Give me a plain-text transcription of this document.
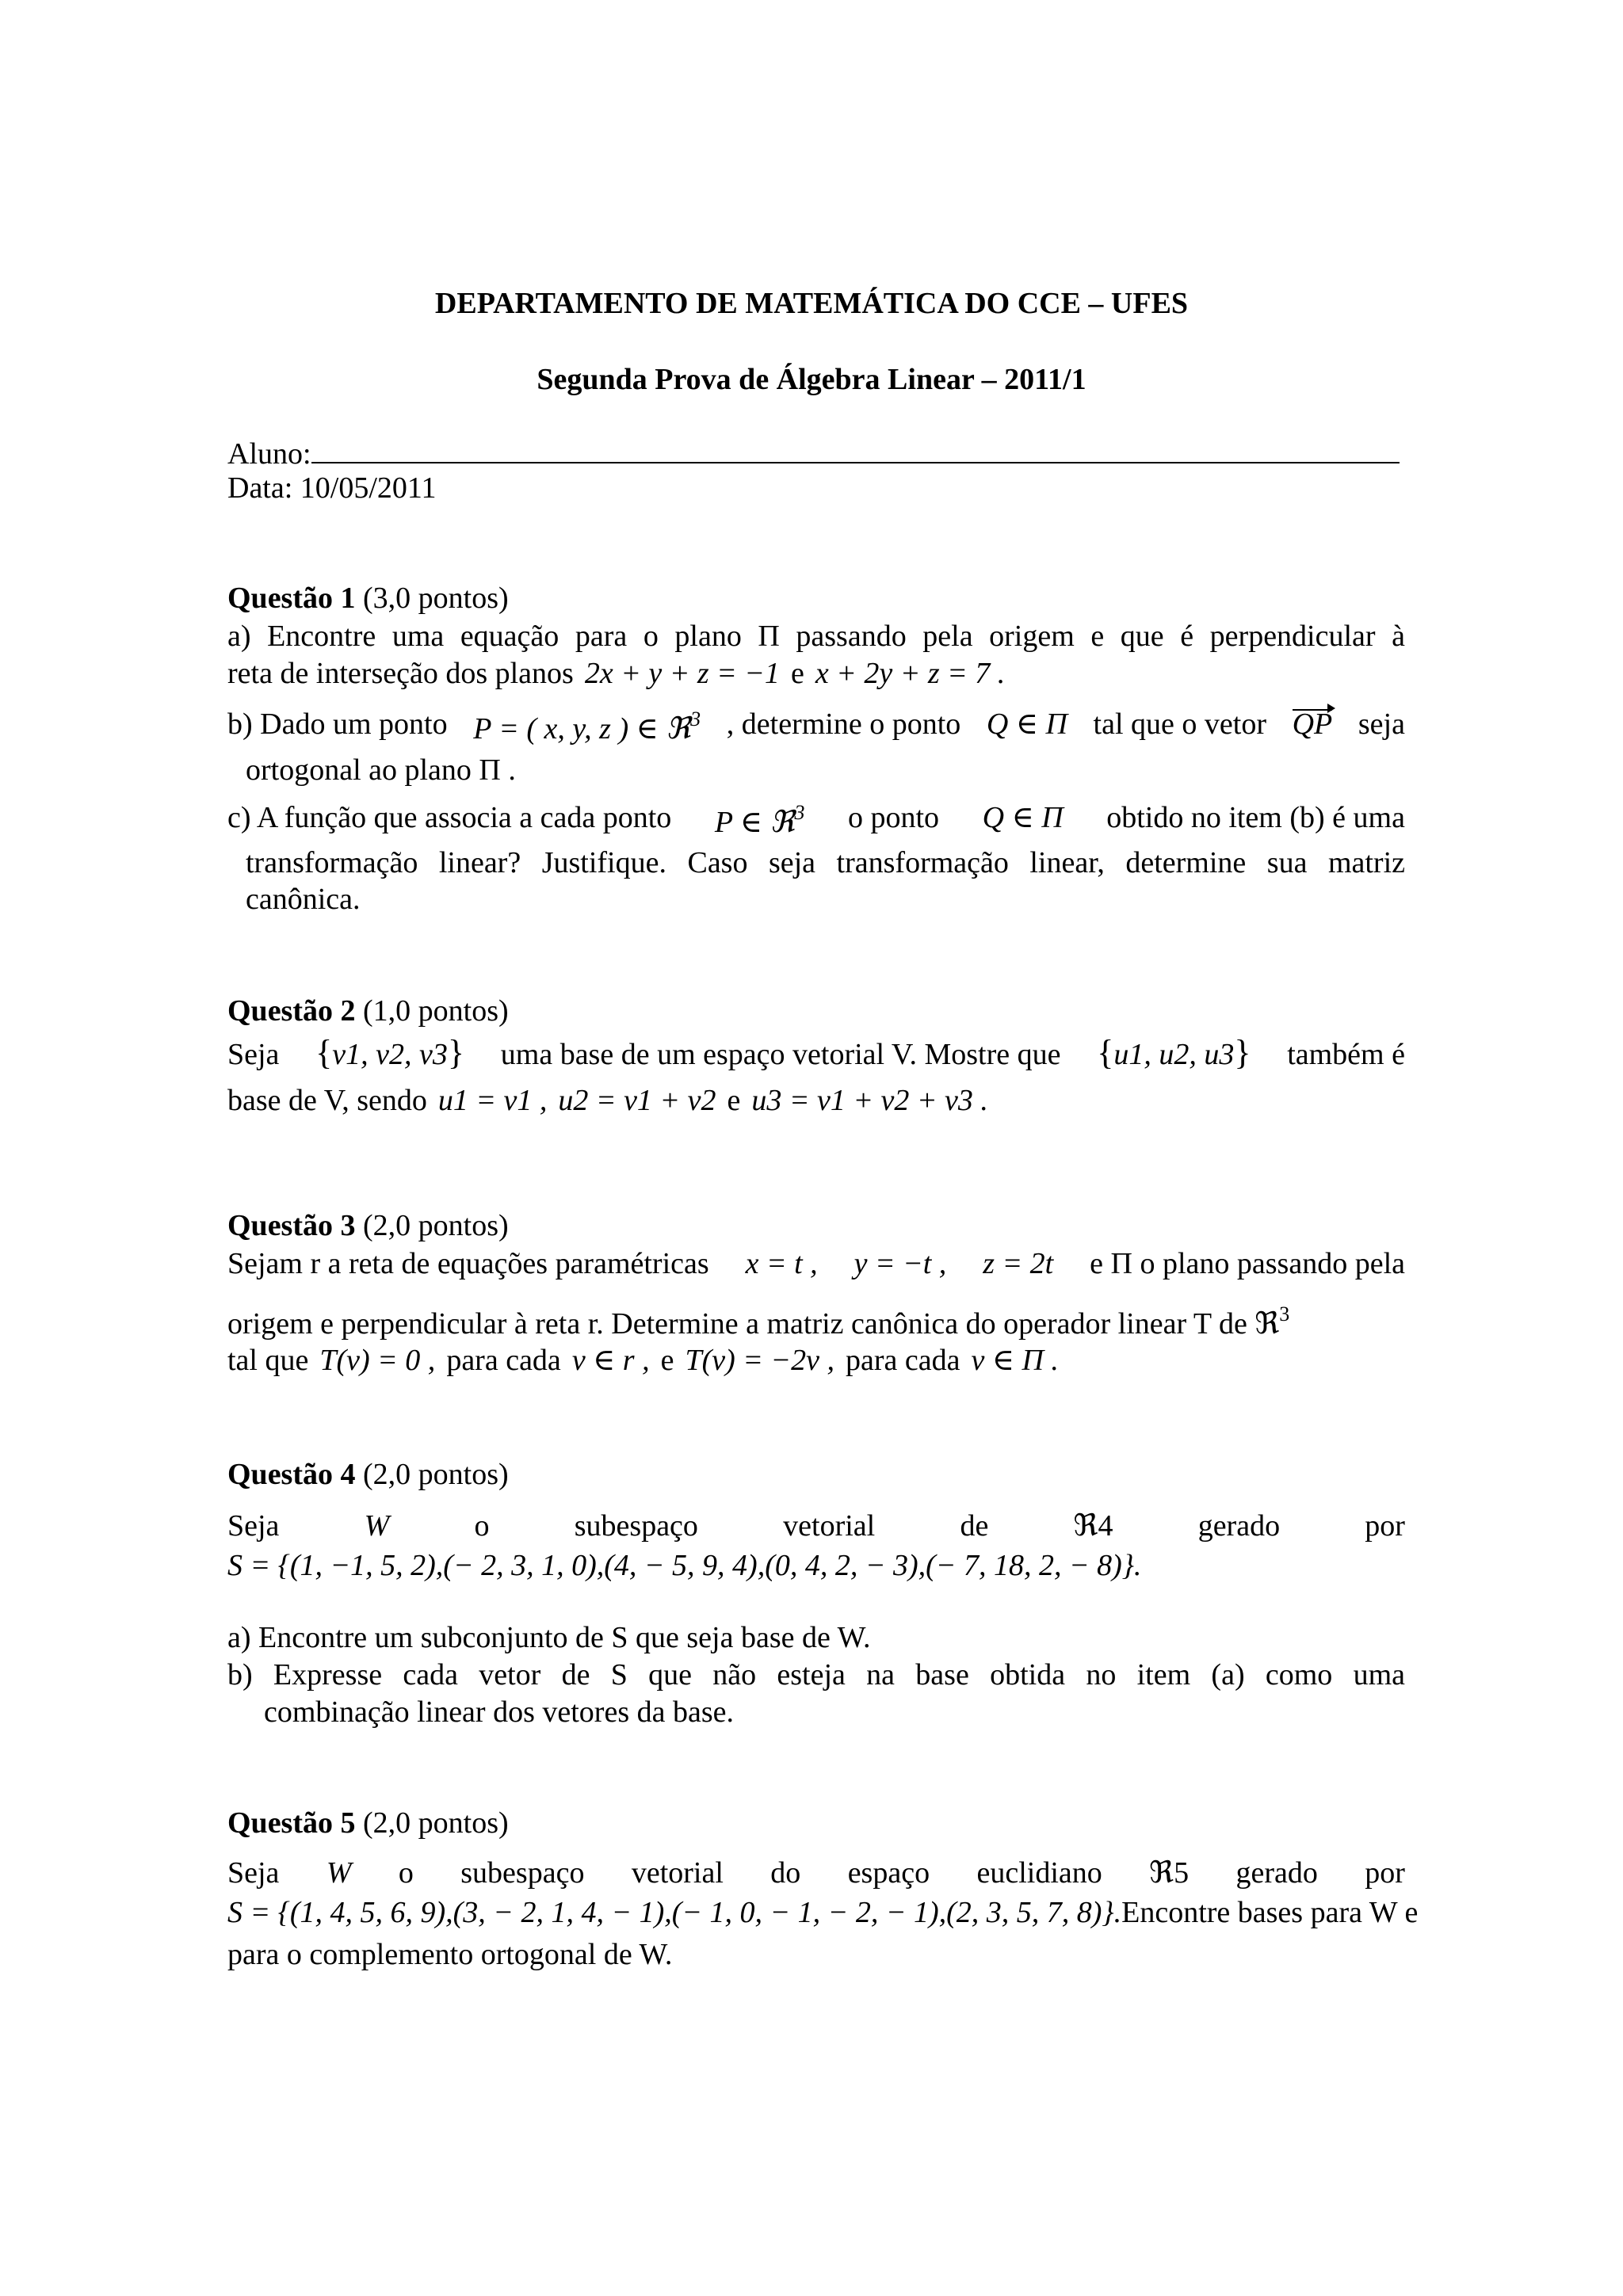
DEPARTAMENTO DE MATEMÁTICA DO CCE – UFES
Segunda Prova de Álgebra Linear – 2011/1
Aluno:
Data: 10/05/2011
Questão 1 (3,0 pontos)
a) Encontre uma equação para o plano Π passando pela origem e que é perpendicular à
reta de interseção dos planos 2x + y + z = −1 e x + 2y + z = 7 .
b) Dado um ponto P = ( x, y, z ) ∈ ℜ$^3$ , determine o ponto Q ∈ Π tal que o vetor QP seja
ortogonal ao plano Π .
c) A função que associa a cada ponto P ∈ ℜ$^3$ o ponto Q ∈ Π obtido no item (b) é uma
transformação linear? Justifique. Caso seja transformação linear, determine sua matriz
canônica.
Questão 2 (1,0 pontos)
Seja {v1, v2, v3} uma base de um espaço vetorial V. Mostre que {u1, u2, u3} também é
base de V, sendo u1 = v1 , u2 = v1 + v2 e u3 = v1 + v2 + v3 .
Questão 3 (2,0 pontos)
Sejam r a reta de equações paramétricas x = t , y = −t , z = 2t e Π o plano passando pela
origem e perpendicular à reta r. Determine a matriz canônica do operador linear T de ℜ$^3$
tal que T(v) = 0 , para cada v ∈ r , e T(v) = −2v , para cada v ∈ Π .
Questão 4 (2,0 pontos)
Seja	W	o	subespaço	vetorial	de	ℜ4	gerado	por
S = {(1, −1, 5, 2),(− 2, 3, 1, 0),(4, − 5, 9, 4),(0, 4, 2, − 3),(− 7, 18, 2, − 8)}.
a) Encontre um subconjunto de S que seja base de W.
b) Expresse cada vetor de S que não esteja na base obtida no item (a) como uma
combinação linear dos vetores da base.
Questão 5 (2,0 pontos)
Seja W o subespaço vetorial do espaço euclidiano ℜ5 gerado por
S = {(1, 4, 5, 6, 9),(3, − 2, 1, 4, − 1),(− 1, 0, − 1, − 2, − 1),(2, 3, 5, 7, 8)}. Encontre bases para W e
para o complemento ortogonal de W.
